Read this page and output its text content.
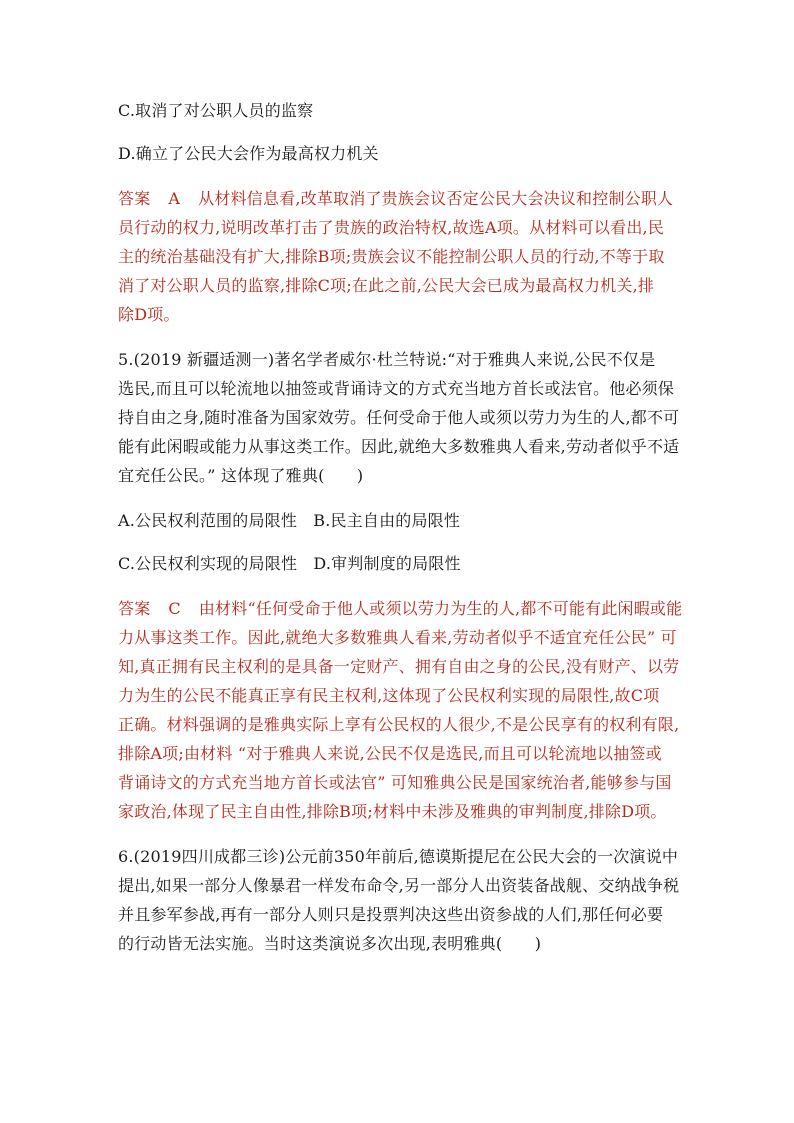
C.取消了对公职人员的监察
D.确立了公民大会作为最高权力机关
答案 A 从材料信息看,改革取消了贵族会议否定公民大会决议和控制公职人
员行动的权力,说明改革打击了贵族的政治特权,故选A项。从材料可以看出,民
主的统治基础没有扩大,排除B项;贵族会议不能控制公职人员的行动,不等于取
消了对公职人员的监察,排除C项;在此之前,公民大会已成为最高权力机关,排
除D项。
5.(2019 新疆适测一)著名学者威尔·杜兰特说:“对于雅典人来说,公民不仅是
选民,而且可以轮流地以抽签或背诵诗文的方式充当地方首长或法官。他必须保
持自由之身,随时准备为国家效劳。任何受命于他人或须以劳力为生的人,都不可
能有此闲暇或能力从事这类工作。因此,就绝大多数雅典人看来,劳动者似乎不适
宜充任公民。” 这体现了雅典(　　)
A.公民权利范围的局限性　B.民主自由的局限性
C.公民权利实现的局限性　D.审判制度的局限性
答案 C 由材料“任何受命于他人或须以劳力为生的人,都不可能有此闲暇或能
力从事这类工作。因此,就绝大多数雅典人看来,劳动者似乎不适宜充任公民” 可
知,真正拥有民主权利的是具备一定财产、拥有自由之身的公民,没有财产、以劳
力为生的公民不能真正享有民主权利,这体现了公民权利实现的局限性,故C项
正确。材料强调的是雅典实际上享有公民权的人很少,不是公民享有的权利有限,
排除A项;由材料 “对于雅典人来说,公民不仅是选民,而且可以轮流地以抽签或
背诵诗文的方式充当地方首长或法官” 可知雅典公民是国家统治者,能够参与国
家政治,体现了民主自由性,排除B项;材料中未涉及雅典的审判制度,排除D项。
6.(2019四川成都三诊)公元前350年前后,德谟斯提尼在公民大会的一次演说中
提出,如果一部分人像暴君一样发布命令,另一部分人出资装备战舰、交纳战争税
并且参军参战,再有一部分人则只是投票判决这些出资参战的人们,那任何必要
的行动皆无法实施。当时这类演说多次出现,表明雅典(　　)
